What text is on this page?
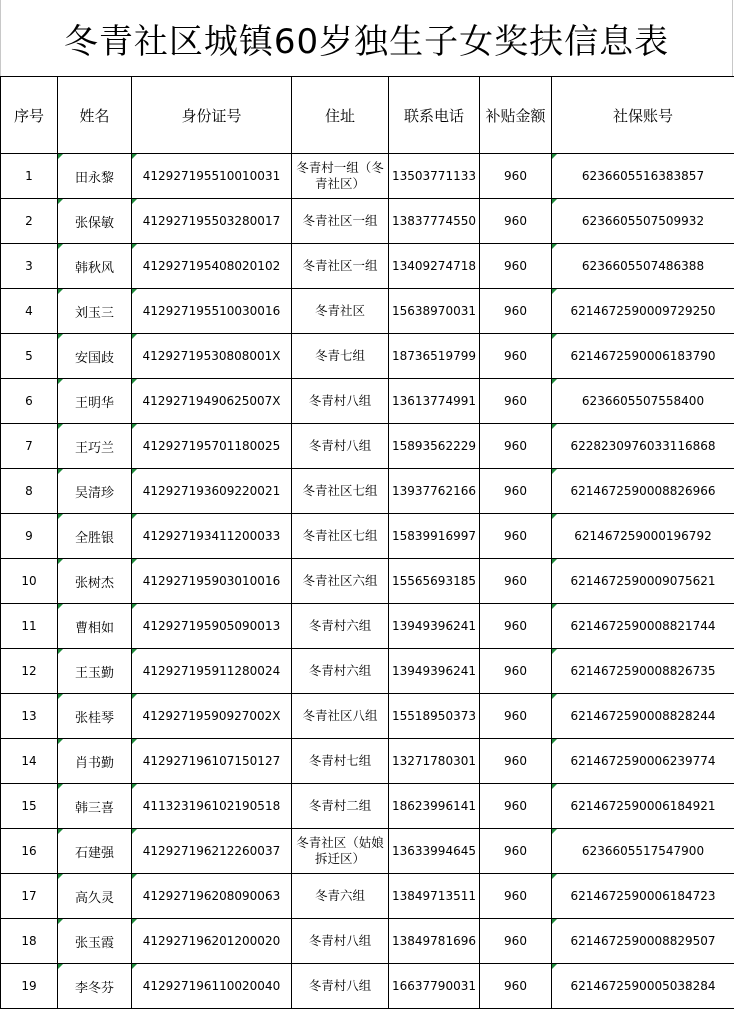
冬青社区城镇60岁独生子女奖扶信息表
序号	姓名	身份证号	住址	联系电话	补贴金额	社保账号
1	田永黎	412927195510010031	冬青村一组（冬青社区）	13503771133	960	6236605516383857
2	张保敏	412927195503280017	冬青社区一组	13837774550	960	6236605507509932
3	韩秋风	412927195408020102	冬青社区一组	13409274718	960	6236605507486388
4	刘玉三	412927195510030016	冬青社区	15638970031	960	6214672590009729250
5	安国歧	41292719530808001X	冬青七组	18736519799	960	6214672590006183790
6	王明华	41292719490625007X	冬青村八组	13613774991	960	6236605507558400
7	王巧兰	412927195701180025	冬青村八组	15893562229	960	6228230976033116868
8	吴清珍	412927193609220021	冬青社区七组	13937762166	960	6214672590008826966
9	全胜银	412927193411200033	冬青社区七组	15839916997	960	621467259000196792
10	张树杰	412927195903010016	冬青社区六组	15565693185	960	6214672590009075621
11	曹相如	412927195905090013	冬青村六组	13949396241	960	6214672590008821744
12	王玉勤	412927195911280024	冬青村六组	13949396241	960	6214672590008826735
13	张桂琴	41292719590927002X	冬青社区八组	15518950373	960	6214672590008828244
14	肖书勤	412927196107150127	冬青村七组	13271780301	960	6214672590006239774
15	韩三喜	411323196102190518	冬青村二组	18623996141	960	6214672590006184921
16	石建强	412927196212260037	冬青社区（姑娘拆迁区）	13633994645	960	6236605517547900
17	高久灵	412927196208090063	冬青六组	13849713511	960	6214672590006184723
18	张玉霞	412927196201200020	冬青村八组	13849781696	960	6214672590008829507
19	李冬芬	412927196110020040	冬青村八组	16637790031	960	6214672590005038284
